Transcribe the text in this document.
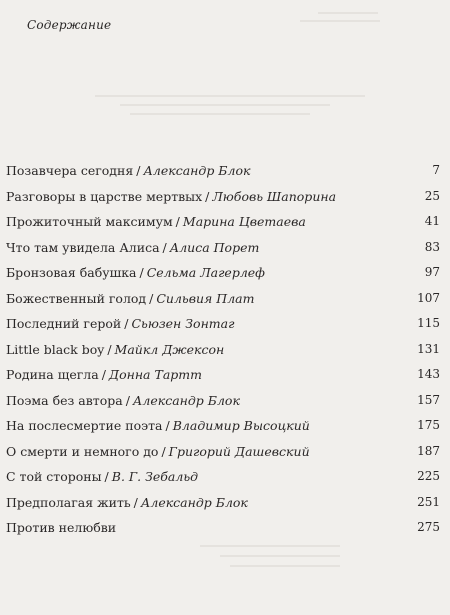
Содержание
Позавчера сегодня / Александр Блок	7
Разговоры в царстве мертвых / Любовь Шапорина	25
Прожиточный максимум / Марина Цветаева	41
Что там увидела Алиса / Алиса Порет	83
Бронзовая бабушка / Сельма Лагерлеф	97
Божественный голод / Сильвия Плат	107
Последний герой / Сьюзен Зонтаг	115
Little black boy / Майкл Джексон	131
Родина щегла / Донна Тартт	143
Поэма без автора / Александр Блок	157
На послесмертие поэта / Владимир Высоцкий	175
О смерти и немного до / Григорий Дашевский	187
С той стороны / В. Г. Зебальд	225
Предполагая жить / Александр Блок	251
Против нелюбви	275
